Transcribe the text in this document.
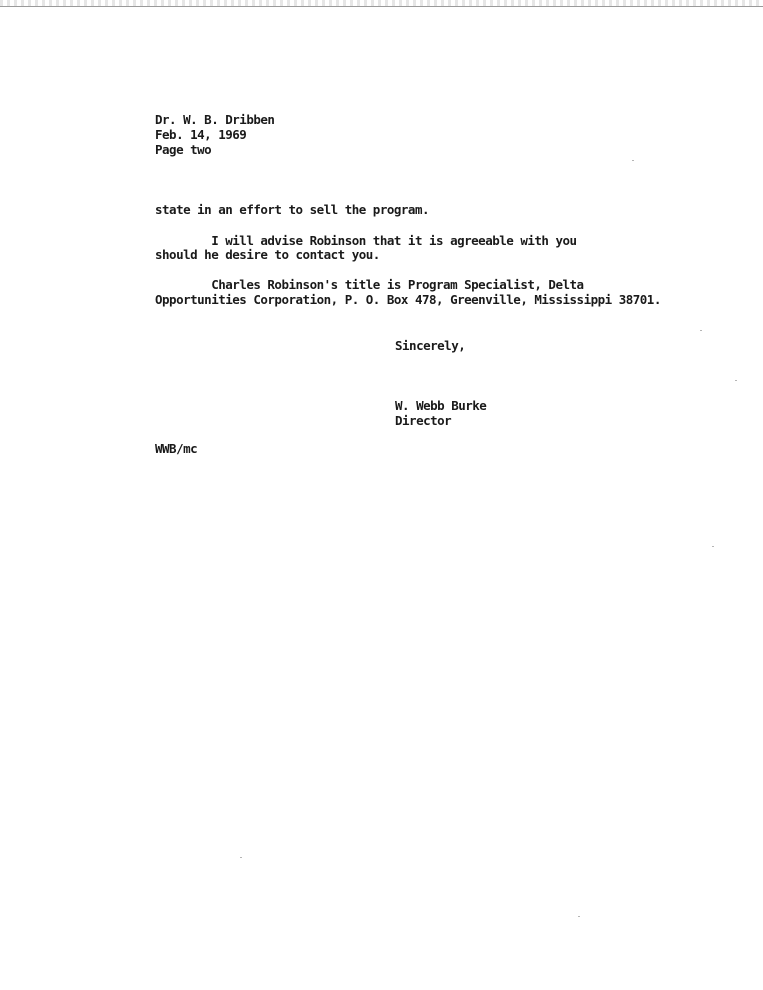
Dr. W. B. Dribben
Feb. 14, 1969
Page two
state in an effort to sell the program.
I will advise Robinson that it is agreeable with you
should he desire to contact you.
Charles Robinson's title is Program Specialist, Delta
Opportunities Corporation, P. O. Box 478, Greenville, Mississippi 38701.
Sincerely,
W. Webb Burke
Director
WWB/mc
